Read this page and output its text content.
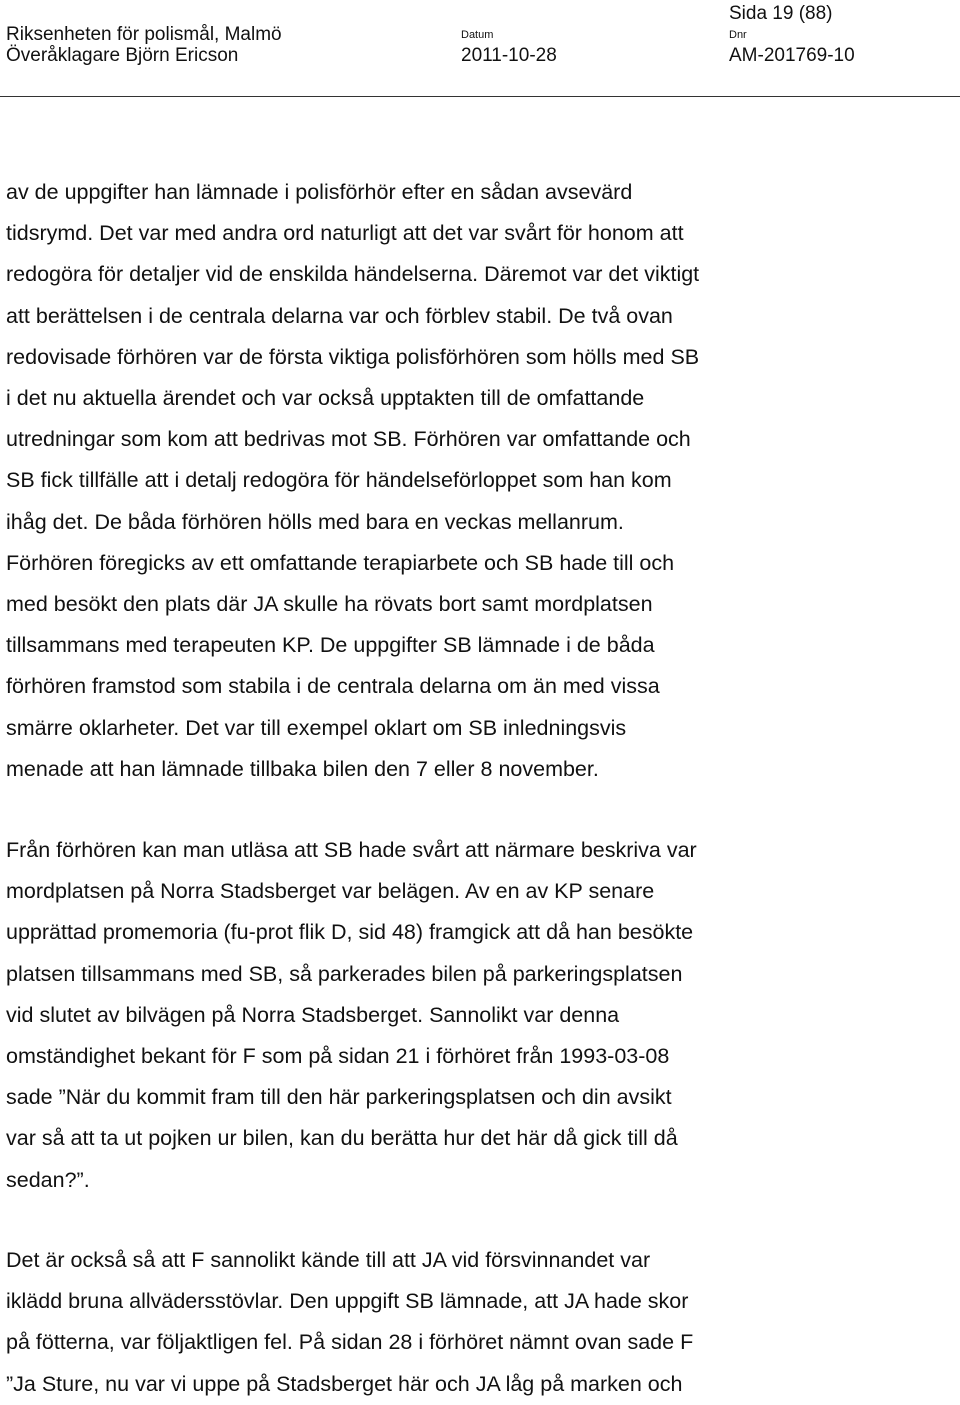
Sida 19 (88)
Riksenheten för polismål, Malmö	Datum	Dnr
Överåklagare Björn Ericson	2011-10-28	AM-201769-10

av de uppgifter han lämnade i polisförhör efter en sådan avsevärd
tidsrymd. Det var med andra ord naturligt att det var svårt för honom att
redogöra för detaljer vid de enskilda händelserna. Däremot var det viktigt
att berättelsen i de centrala delarna var och förblev stabil. De två ovan
redovisade förhören var de första viktiga polisförhören som hölls med SB
i det nu aktuella ärendet och var också upptakten till de omfattande
utredningar som kom att bedrivas mot SB. Förhören var omfattande och
SB fick tillfälle att i detalj redogöra för händelseförloppet som han kom
ihåg det. De båda förhören hölls med bara en veckas mellanrum.
Förhören föregicks av ett omfattande terapiarbete och SB hade till och
med besökt den plats där JA skulle ha rövats bort samt mordplatsen
tillsammans med terapeuten KP. De uppgifter SB lämnade i de båda
förhören framstod som stabila i de centrala delarna om än med vissa
smärre oklarheter. Det var till exempel oklart om SB inledningsvis
menade att han lämnade tillbaka bilen den 7 eller 8 november.

Från förhören kan man utläsa att SB hade svårt att närmare beskriva var
mordplatsen på Norra Stadsberget var belägen. Av en av KP senare
upprättad promemoria (fu-prot flik D, sid 48) framgick att då han besökte
platsen tillsammans med SB, så parkerades bilen på parkeringsplatsen
vid slutet av bilvägen på Norra Stadsberget. Sannolikt var denna
omständighet bekant för F som på sidan 21 i förhöret från 1993-03-08
sade ”När du kommit fram till den här parkeringsplatsen och din avsikt
var så att ta ut pojken ur bilen, kan du berätta hur det här då gick till då
sedan?”.

Det är också så att F sannolikt kände till att JA vid försvinnandet var
iklädd bruna allvädersstövlar. Den uppgift SB lämnade, att JA hade skor
på fötterna, var följaktligen fel. På sidan 28 i förhöret nämnt ovan sade F
”Ja Sture, nu var vi uppe på Stadsberget här och JA låg på marken och
